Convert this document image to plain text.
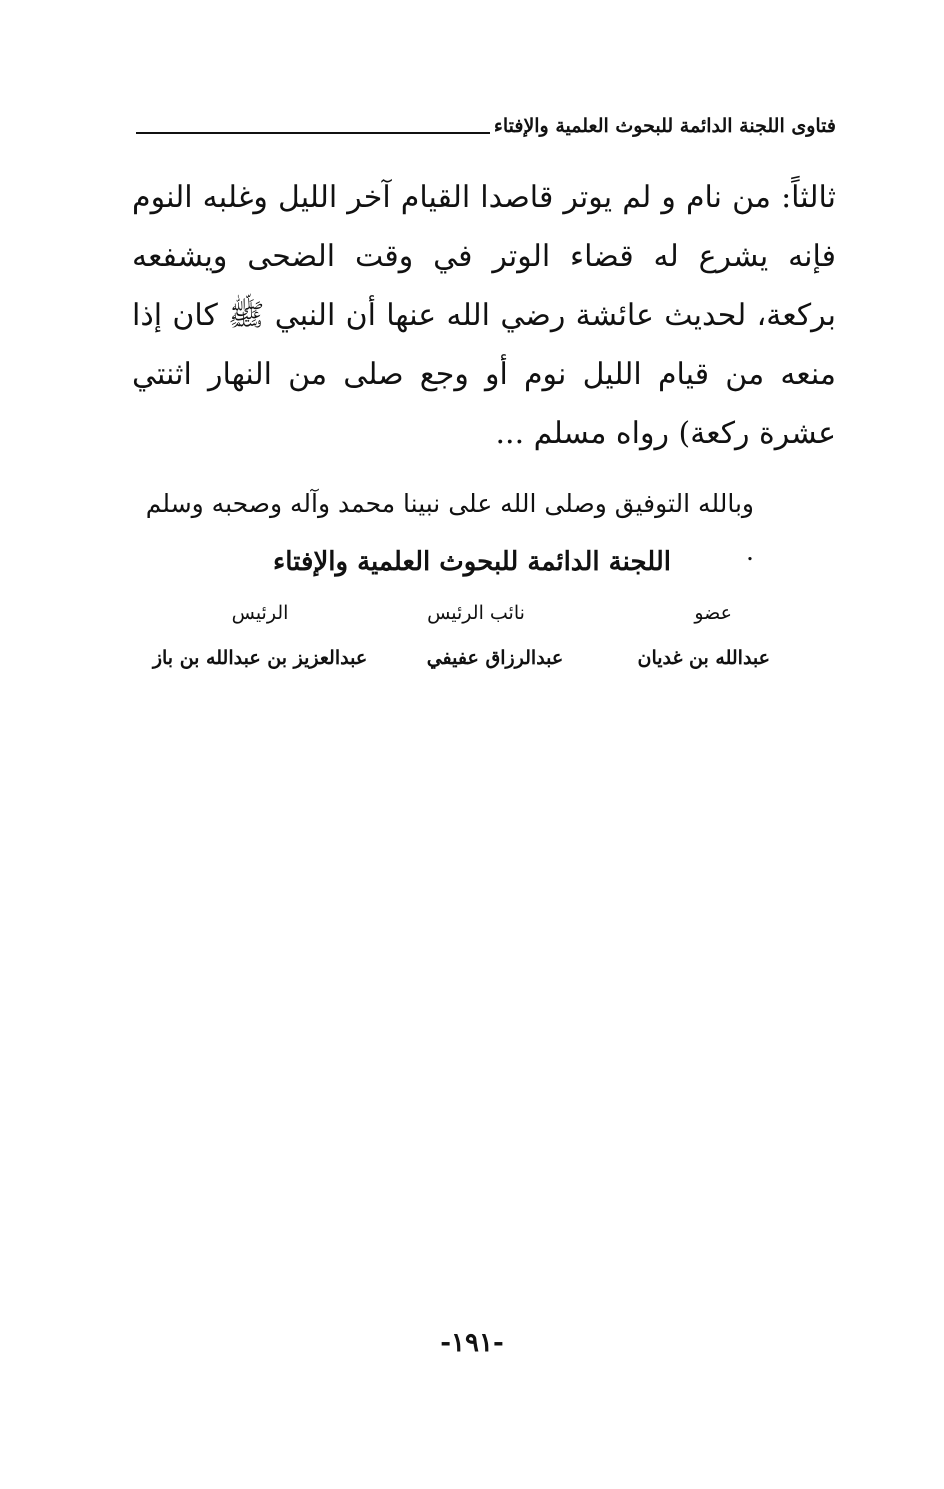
فتاوى اللجنة الدائمة للبحوث العلمية والإفتاء

ثالثاً: من نام و لم يوتر قاصدا القيام آخر الليل وغلبه النوم فإنه يشرع له قضاء الوتر في وقت الضحى ويشفعه بركعة، لحديث عائشة رضي الله عنها أن النبي ﷺ كان إذا منعه من قيام الليل نوم أو وجع صلى من النهار اثنتي عشرة ركعة) رواه مسلم ...

وبالله التوفيق وصلى الله على نبينا محمد وآله وصحبه وسلم .
اللجنة الدائمة للبحوث العلمية والإفتاء
عضو
نائب الرئيس
الرئيس
عبدالله بن غديان
عبدالرزاق عفيفي
عبدالعزيز بن عبدالله بن باز
-١٩١-
